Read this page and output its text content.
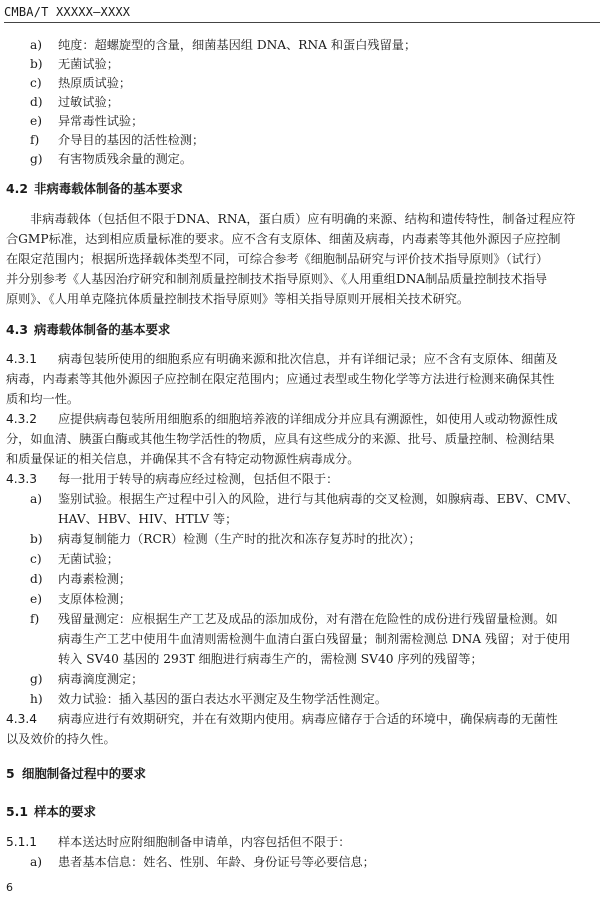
CMBA/T XXXXX—XXXX
a) 纯度：超螺旋型的含量，细菌基因组 DNA、RNA 和蛋白残留量；
b) 无菌试验；
c) 热原质试验；
d) 过敏试验；
e) 异常毒性试验；
f) 介导目的基因的活性检测；
g) 有害物质残余量的测定。
4.2 非病毒载体制备的基本要求
非病毒载体（包括但不限于DNA、RNA，蛋白质）应有明确的来源、结构和遗传特性，制备过程应符
合GMP标准，达到相应质量标准的要求。应不含有支原体、细菌及病毒，内毒素等其他外源因子应控制
在限定范围内；根据所选择载体类型不同，可综合参考《细胞制品研究与评价技术指导原则》（试行）
并分别参考《人基因治疗研究和制剂质量控制技术指导原则》、《人用重组DNA制品质量控制技术指导
原则》、《人用单克隆抗体质量控制技术指导原则》等相关指导原则开展相关技术研究。
4.3 病毒载体制备的基本要求
4.3.1 病毒包装所使用的细胞系应有明确来源和批次信息，并有详细记录；应不含有支原体、细菌及
病毒，内毒素等其他外源因子应控制在限定范围内；应通过表型或生物化学等方法进行检测来确保其性
质和均一性。
4.3.2 应提供病毒包装所用细胞系的细胞培养液的详细成分并应具有溯源性，如使用人或动物源性成
分，如血清、胰蛋白酶或其他生物学活性的物质，应具有这些成分的来源、批号、质量控制、检测结果
和质量保证的相关信息，并确保其不含有特定动物源性病毒成分。
4.3.3 每一批用于转导的病毒应经过检测，包括但不限于：
a) 鉴别试验。根据生产过程中引入的风险，进行与其他病毒的交叉检测，如腺病毒、EBV、CMV、
HAV、HBV、HIV、HTLV 等；
b) 病毒复制能力（RCR）检测（生产时的批次和冻存复苏时的批次）；
c) 无菌试验；
d) 内毒素检测；
e) 支原体检测；
f) 残留量测定：应根据生产工艺及成品的添加成份，对有潜在危险性的成份进行残留量检测。如
病毒生产工艺中使用牛血清则需检测牛血清白蛋白残留量；制剂需检测总 DNA 残留；对于使用
转入 SV40 基因的 293T 细胞进行病毒生产的，需检测 SV40 序列的残留等；
g) 病毒滴度测定；
h) 效力试验：插入基因的蛋白表达水平测定及生物学活性测定。
4.3.4 病毒应进行有效期研究，并在有效期内使用。病毒应储存于合适的环境中，确保病毒的无菌性
以及效价的持久性。
5 细胞制备过程中的要求
5.1 样本的要求
5.1.1 样本送达时应附细胞制备申请单，内容包括但不限于：
a) 患者基本信息：姓名、性别、年龄、身份证号等必要信息；
6
